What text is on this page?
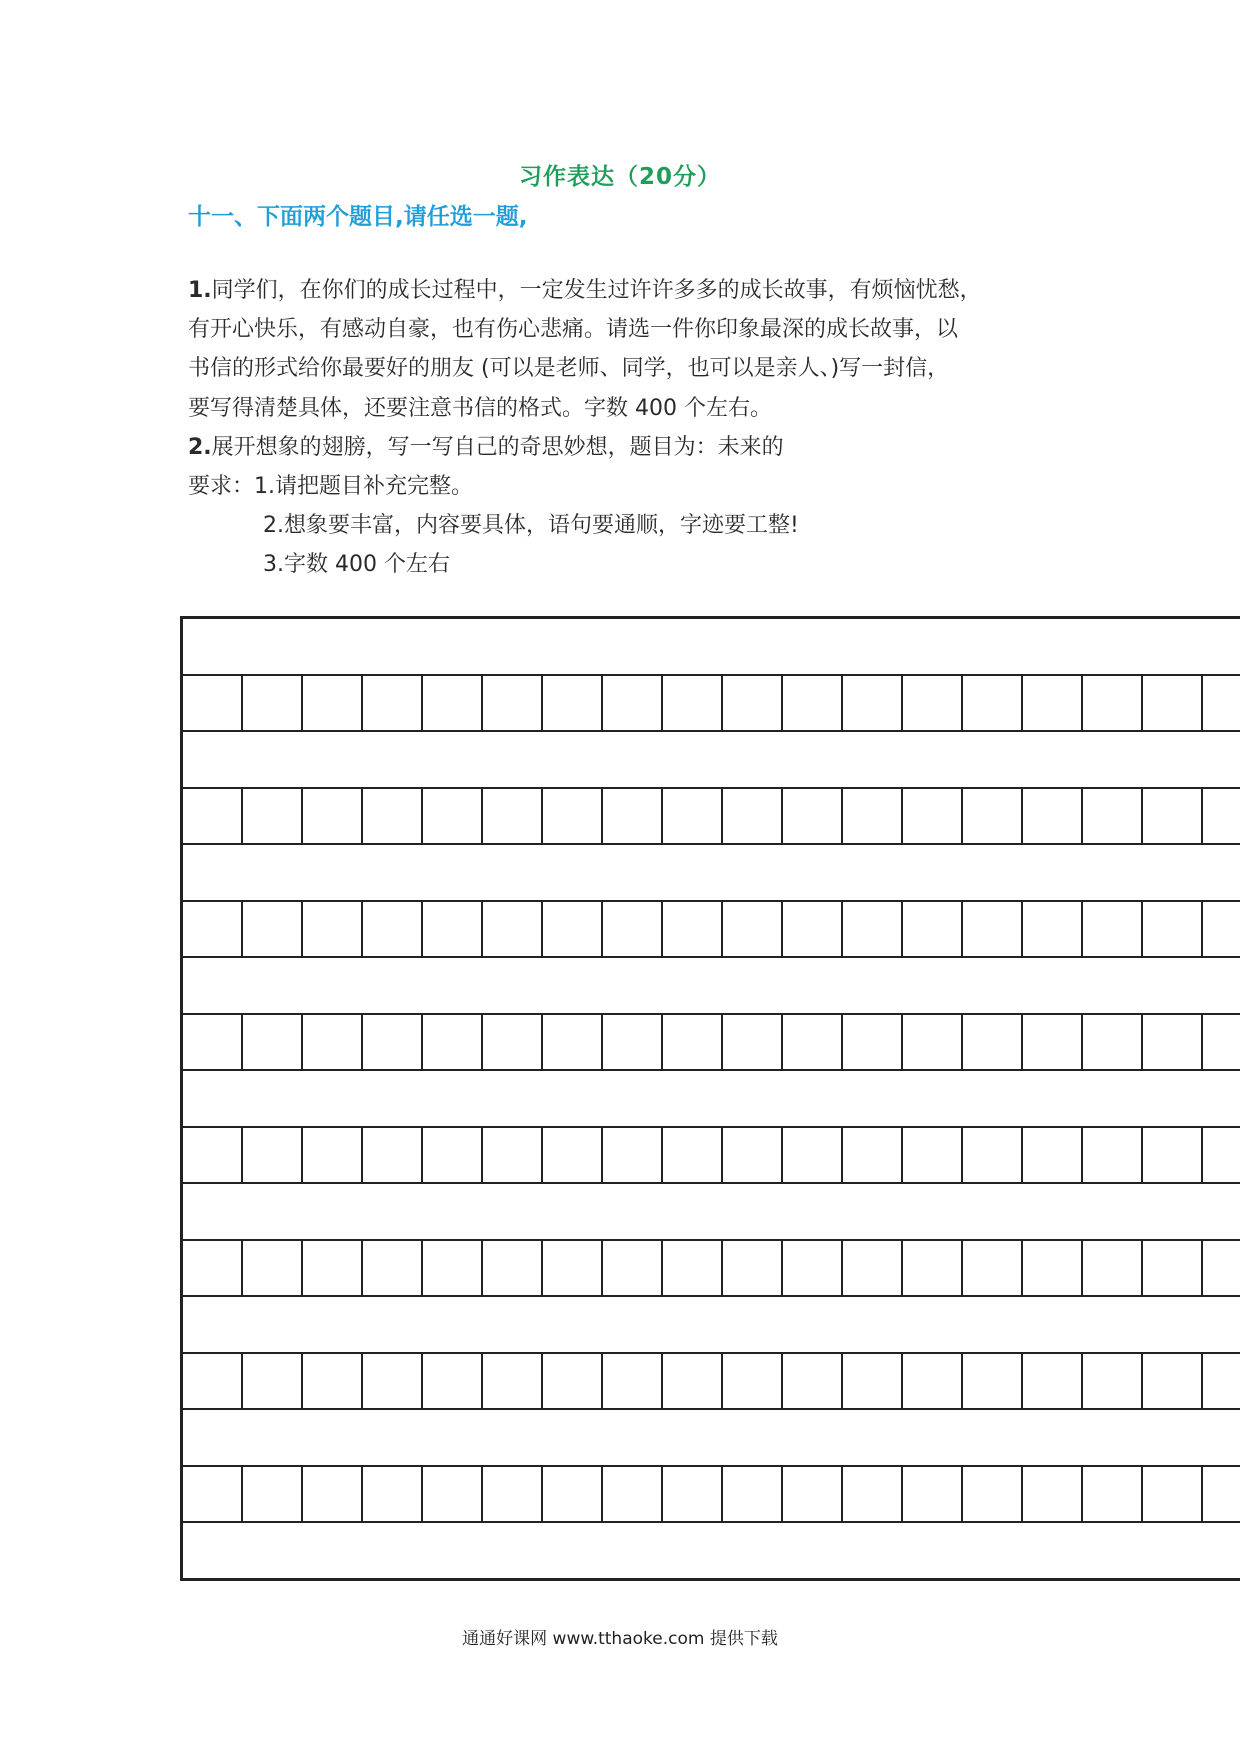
习作表达（20分）
十一、下面两个题目,请任选一题,
1.同学们，在你们的成长过程中，一定发生过许许多多的成长故事，有烦恼忧愁，
有开心快乐，有感动自豪，也有伤心悲痛。请选一件你印象最深的成长故事，以
书信的形式给你最要好的朋友 (可以是老师、同学，也可以是亲人、)写一封信，
要写得清楚具体，还要注意书信的格式。字数 400 个左右。
2.展开想象的翅膀，写一写自己的奇思妙想，题目为：未来的
要求：1.请把题目补充完整。
2.想象要丰富，内容要具体，语句要通顺，字迹要工整!
3.字数 400 个左右
通通好课网 www.tthaoke.com 提供下载
